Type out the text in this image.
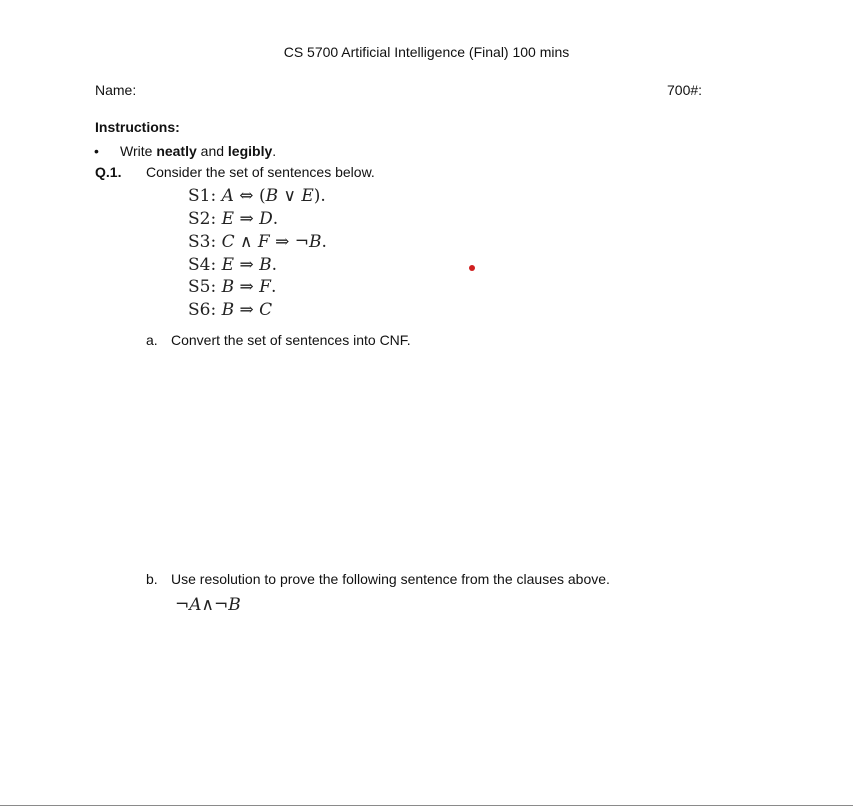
CS 5700 Artificial Intelligence (Final) 100 mins
Name:	700#:
Instructions:
• Write neatly and legibly.
Q.1. Consider the set of sentences below.
S1: A ⇔ (B ∨ E).
S2: E ⇒ D.
S3: C ∧ F ⇒ ¬B.
S4: E ⇒ B.
S5: B ⇒ F.
S6: B ⇒ C
a. Convert the set of sentences into CNF.
b. Use resolution to prove the following sentence from the clauses above.
¬A∧¬B
